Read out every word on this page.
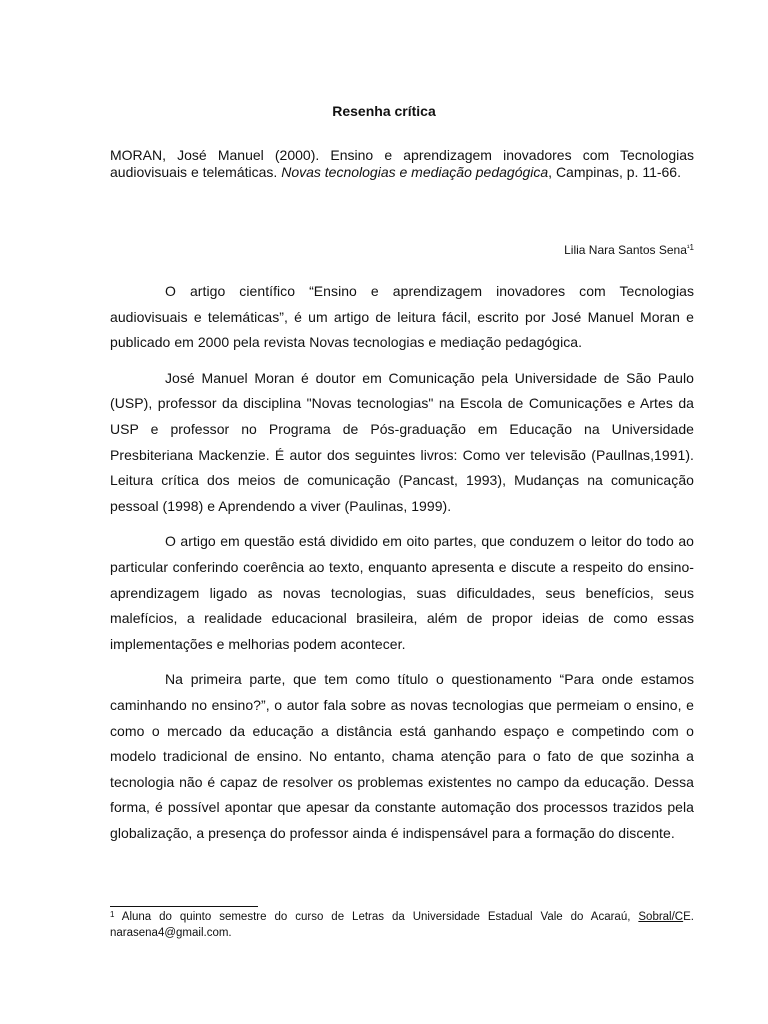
Resenha crítica
MORAN, José Manuel (2000). Ensino e aprendizagem inovadores com Tecnologias audiovisuais e telemáticas. Novas tecnologias e mediação pedagógica, Campinas, p. 11-66.
Lilia Nara Santos Sena$^{^11}$

O artigo científico “Ensino e aprendizagem inovadores com Tecnologias audiovisuais e telemáticas”, é um artigo de leitura fácil, escrito por José Manuel Moran e publicado em 2000 pela revista Novas tecnologias e mediação pedagógica.

José Manuel Moran é doutor em Comunicação pela Universidade de São Paulo (USP), professor da disciplina "Novas tecnologias" na Escola de Comunicações e Artes da USP e professor no Programa de Pós-graduação em Educação na Universidade Presbiteriana Mackenzie. É autor dos seguintes livros: Como ver televisão (Paullnas,1991). Leitura crítica dos meios de comunicação (Pancast, 1993), Mudanças na comunicação pessoal (1998) e Aprendendo a viver (Paulinas, 1999).

O artigo em questão está dividido em oito partes, que conduzem o leitor do todo ao particular conferindo coerência ao texto, enquanto apresenta e discute a respeito do ensino-aprendizagem ligado as novas tecnologias, suas dificuldades, seus benefícios, seus malefícios, a realidade educacional brasileira, além de propor ideias de como essas implementações e melhorias podem acontecer.

Na primeira parte, que tem como título o questionamento “Para onde estamos caminhando no ensino?”, o autor fala sobre as novas tecnologias que permeiam o ensino, e como o mercado da educação a distância está ganhando espaço e competindo com o modelo tradicional de ensino. No entanto, chama atenção para o fato de que sozinha a tecnologia não é capaz de resolver os problemas existentes no campo da educação. Dessa forma, é possível apontar que apesar da constante automação dos processos trazidos pela globalização, a presença do professor ainda é indispensável para a formação do discente.

$^1$ Aluna do quinto semestre do curso de Letras da Universidade Estadual Vale do Acaraú, Sobral/CE. narasena4@gmail.com.
